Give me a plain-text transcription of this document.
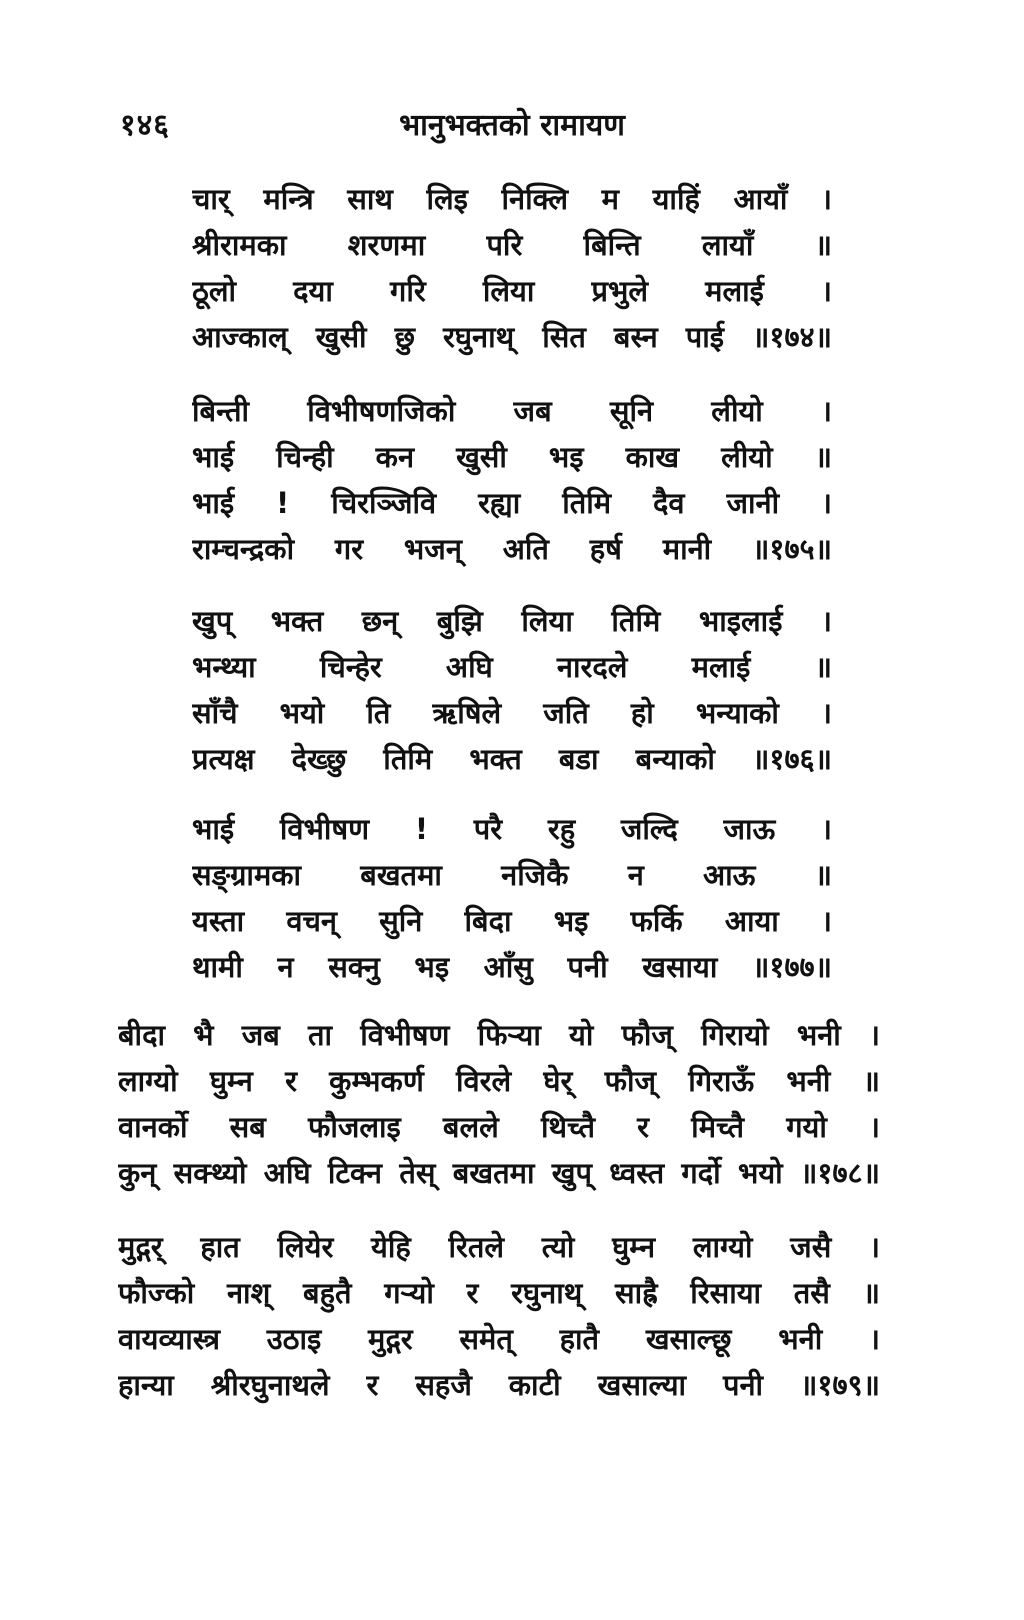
१४६	भानुभक्तको रामायण
चार् मन्त्रि साथ लिइ निक्लि म याहिं आयाँ ।
श्रीरामका शरणमा परि बिन्ति लायाँ ॥
ठूलो दया गरि लिया प्रभुले मलाई ।
आज्काल् खुसी छु रघुनाथ् सित बस्न पाई ॥१७४॥
बिन्ती विभीषणजिको जब सूनि लीयो ।
भाई चिन्ही कन खुसी भइ काख लीयो ॥
भाई ! चिरञ्जिवि रह्या तिमि दैव जानी ।
राम्चन्द्रको गर भजन् अति हर्ष मानी ॥१७५॥
खुप् भक्त छन् बुझि लिया तिमि भाइलाई ।
भन्थ्या चिन्हेर अघि नारदले मलाई ॥
साँचै भयो ति ऋषिले जति हो भन्याको ।
प्रत्यक्ष देख्छु तिमि भक्त बडा बन्याको ॥१७६॥
भाई विभीषण ! परै रहु जल्दि जाऊ ।
सङ्ग्रामका बखतमा नजिकै न आऊ ॥
यस्ता वचन् सुनि बिदा भइ फर्कि आया ।
थामी न सक्नु भइ आँसु पनी खसाया ॥१७७॥
बीदा भै जब ता विभीषण फिऱ्या यो फौज् गिरायो भनी ।
लाग्यो घुम्न र कुम्भकर्ण विरले घेर् फौज् गिराऊँ भनी ॥
वानर्को सब फौजलाइ बलले थिच्तै र मिच्तै गयो ।
कुन् सक्थ्यो अघि टिक्न तेस् बखतमा खुप् ध्वस्त गर्दो भयो ॥१७८॥
मुद्गर् हात लियेर येहि रितले त्यो घुम्न लाग्यो जसै ।
फौज्को नाश् बहुतै गऱ्यो र रघुनाथ् साह्रै रिसाया तसै ॥
वायव्यास्त्र उठाइ मुद्गर समेत् हातै खसाल्छू भनी ।
हान्या श्रीरघुनाथले र सहजै काटी खसाल्या पनी ॥१७९॥
